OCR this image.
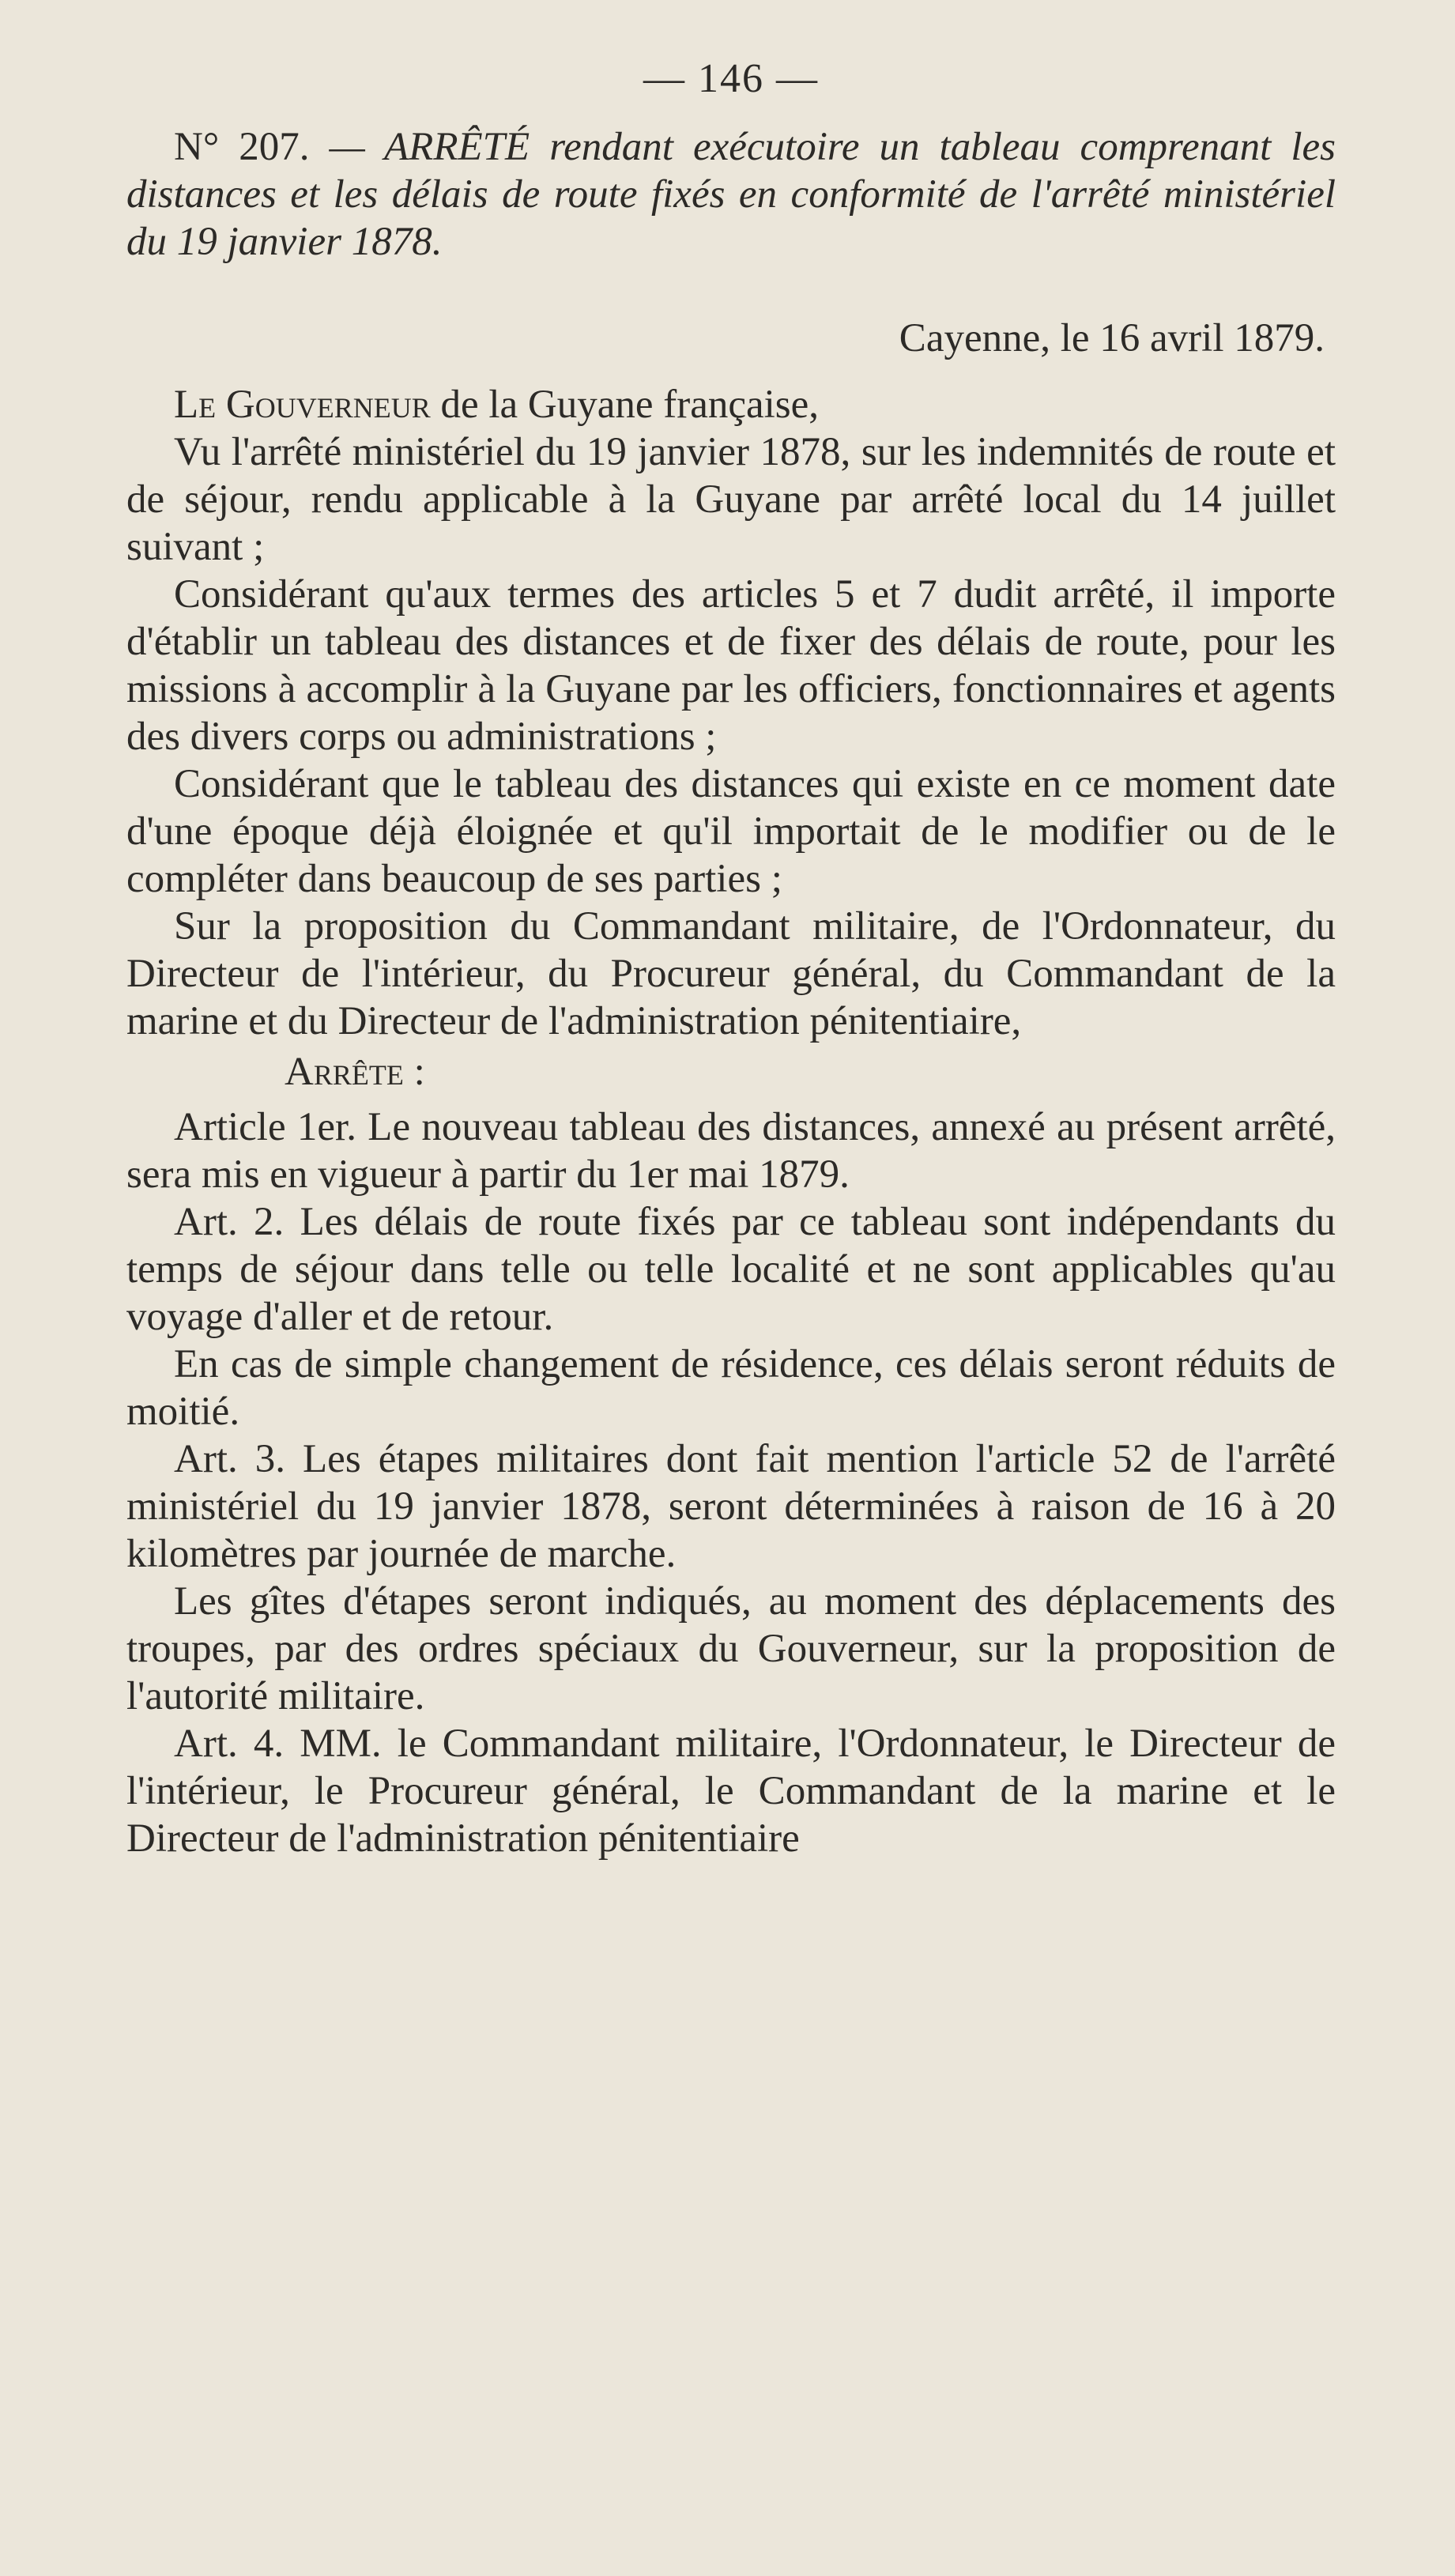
— 146 —

N° 207. — ARRÊTÉ rendant exécutoire un tableau comprenant les distances et les délais de route fixés en conformité de l'arrêté ministériel du 19 janvier 1878.

Cayenne, le 16 avril 1879.

Le Gouverneur de la Guyane française,

Vu l'arrêté ministériel du 19 janvier 1878, sur les indemnités de route et de séjour, rendu applicable à la Guyane par arrêté local du 14 juillet suivant ;

Considérant qu'aux termes des articles 5 et 7 dudit arrêté, il importe d'établir un tableau des distances et de fixer des délais de route, pour les missions à accomplir à la Guyane par les officiers, fonctionnaires et agents des divers corps ou administrations ;

Considérant que le tableau des distances qui existe en ce moment date d'une époque déjà éloignée et qu'il importait de le modifier ou de le compléter dans beaucoup de ses parties ;

Sur la proposition du Commandant militaire, de l'Ordonnateur, du Directeur de l'intérieur, du Procureur général, du Commandant de la marine et du Directeur de l'administration pénitentiaire,

Arrête :

Article 1er. Le nouveau tableau des distances, annexé au présent arrêté, sera mis en vigueur à partir du 1er mai 1879.

Art. 2. Les délais de route fixés par ce tableau sont indépendants du temps de séjour dans telle ou telle localité et ne sont applicables qu'au voyage d'aller et de retour.

En cas de simple changement de résidence, ces délais seront réduits de moitié.

Art. 3. Les étapes militaires dont fait mention l'article 52 de l'arrêté ministériel du 19 janvier 1878, seront déterminées à raison de 16 à 20 kilomètres par journée de marche.

Les gîtes d'étapes seront indiqués, au moment des déplacements des troupes, par des ordres spéciaux du Gouverneur, sur la proposition de l'autorité militaire.

Art. 4. MM. le Commandant militaire, l'Ordonnateur, le Directeur de l'intérieur, le Procureur général, le Commandant de la marine et le Directeur de l'administration pénitentiaire
